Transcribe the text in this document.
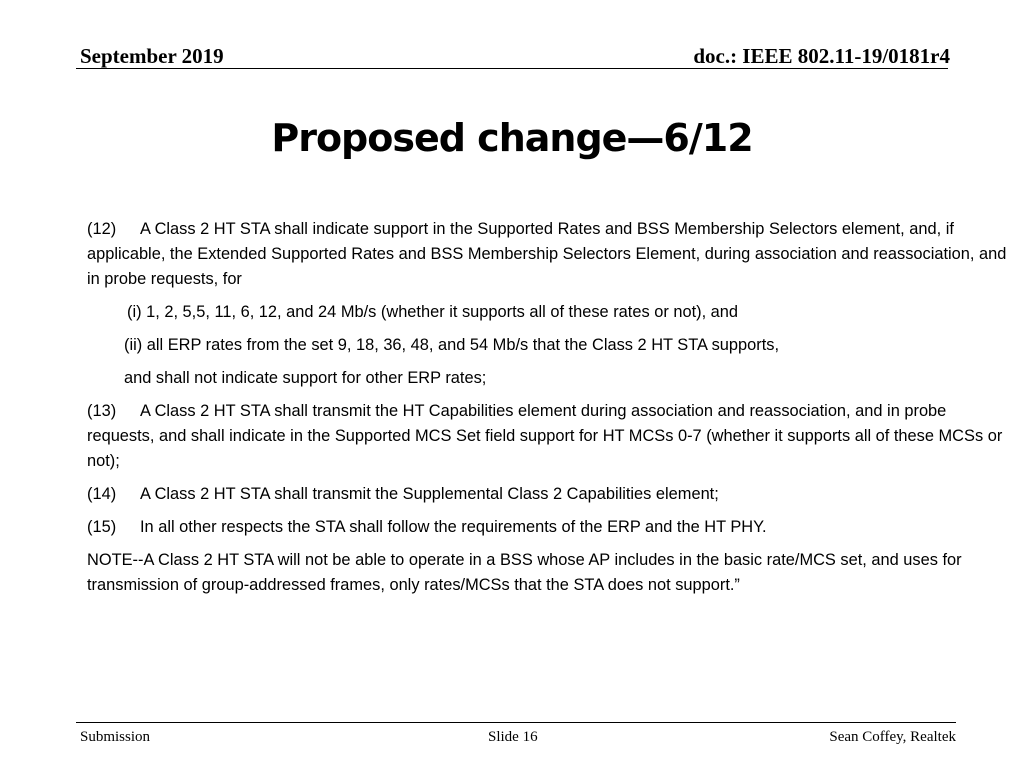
September 2019	doc.: IEEE 802.11-19/0181r4
Proposed change—6/12

(12) A Class 2 HT STA shall indicate support in the Supported Rates and BSS Membership Selectors element, and, if applicable, the Extended Supported Rates and BSS Membership Selectors Element, during association and reassociation, and in probe requests, for

(i) 1, 2, 5,5, 11, 6, 12, and 24 Mb/s (whether it supports all of these rates or not), and

(ii) all ERP rates from the set 9, 18, 36, 48, and 54 Mb/s that the Class 2 HT STA supports,

and shall not indicate support for other ERP rates;

(13) A Class 2 HT STA shall transmit the HT Capabilities element during association and reassociation, and in probe requests, and shall indicate in the Supported MCS Set field support for HT MCSs 0-7 (whether it supports all of these MCSs or not);

(14) A Class 2 HT STA shall transmit the Supplemental Class 2 Capabilities element;

(15) In all other respects the STA shall follow the requirements of the ERP and the HT PHY.

NOTE--A Class 2 HT STA will not be able to operate in a BSS whose AP includes in the basic rate/MCS set, and uses for transmission of group-addressed frames, only rates/MCSs that the STA does not support.”

Submission	Slide 16	Sean Coffey, Realtek
